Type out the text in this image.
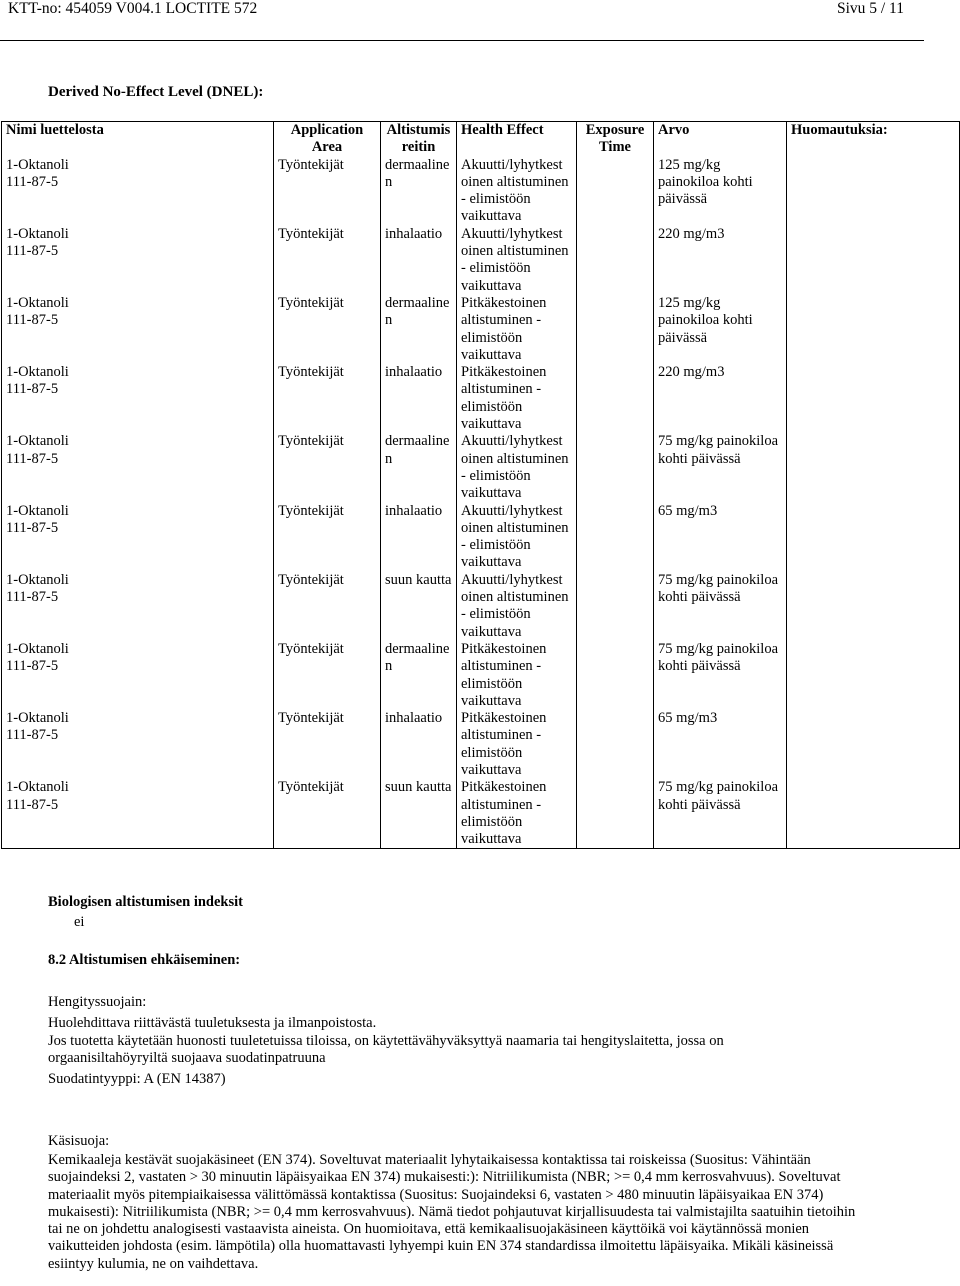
KTT-no: 454059 V004.1 LOCTITE 572	Sivu 5 / 11
Derived No-Effect Level (DNEL):
Nimi luettelosta	Application Area	Altistumis reitin	Health Effect	Exposure Time	Arvo	Huomautuksia:
1-Oktanoli 111-87-5	Työntekijät	dermaaline n	Akuutti/lyhytkest oinen altistuminen - elimistöön vaikuttava		125 mg/kg painokiloa kohti päivässä	
1-Oktanoli 111-87-5	Työntekijät	inhalaatio	Akuutti/lyhytkest oinen altistuminen - elimistöön vaikuttava		220 mg/m3	
1-Oktanoli 111-87-5	Työntekijät	dermaaline n	Pitkäkestoinen altistuminen - elimistöön vaikuttava		125 mg/kg painokiloa kohti päivässä	
1-Oktanoli 111-87-5	Työntekijät	inhalaatio	Pitkäkestoinen altistuminen - elimistöön vaikuttava		220 mg/m3	
1-Oktanoli 111-87-5	Työntekijät	dermaaline n	Akuutti/lyhytkest oinen altistuminen - elimistöön vaikuttava		75 mg/kg painokiloa kohti päivässä	
1-Oktanoli 111-87-5	Työntekijät	inhalaatio	Akuutti/lyhytkest oinen altistuminen - elimistöön vaikuttava		65 mg/m3	
1-Oktanoli 111-87-5	Työntekijät	suun kautta	Akuutti/lyhytkest oinen altistuminen - elimistöön vaikuttava		75 mg/kg painokiloa kohti päivässä	
1-Oktanoli 111-87-5	Työntekijät	dermaaline n	Pitkäkestoinen altistuminen - elimistöön vaikuttava		75 mg/kg painokiloa kohti päivässä	
1-Oktanoli 111-87-5	Työntekijät	inhalaatio	Pitkäkestoinen altistuminen - elimistöön vaikuttava		65 mg/m3	
1-Oktanoli 111-87-5	Työntekijät	suun kautta	Pitkäkestoinen altistuminen - elimistöön vaikuttava		75 mg/kg painokiloa kohti päivässä	
Biologisen altistumisen indeksit
ei
8.2 Altistumisen ehkäiseminen:
Hengityssuojain:
Huolehdittava riittävästä tuuletuksesta ja ilmanpoistosta.
Jos tuotetta käytetään huonosti tuuletetuissa tiloissa, on käytettävähyväksyttyä naamaria tai hengityslaitetta, jossa on orgaanisiltahöyryiltä suojaava suodatinpatruuna
Suodatintyyppi: A (EN 14387)
Käsisuoja:
Kemikaaleja kestävät suojakäsineet (EN 374). Soveltuvat materiaalit lyhytaikaisessa kontaktissa tai roiskeissa (Suositus: Vähintään suojaindeksi 2, vastaten > 30 minuutin läpäisyaikaa EN 374) mukaisesti:): Nitriilikumista (NBR; >= 0,4 mm kerrosvahvuus). Soveltuvat materiaalit myös pitempiaikaisessa välittömässä kontaktissa (Suositus: Suojaindeksi 6, vastaten > 480 minuutin läpäisyaikaa EN 374) mukaisesti): Nitriilikumista (NBR; >= 0,4 mm kerrosvahvuus). Nämä tiedot pohjautuvat kirjallisuudesta tai valmistajilta saatuihin tietoihin tai ne on johdettu analogisesti vastaavista aineista. On huomioitava, että kemikaalisuojakäsineen käyttöikä voi käytännössä monien vaikutteiden johdosta (esim. lämpötila) olla huomattavasti lyhyempi kuin EN 374 standardissa ilmoitettu läpäisyaika. Mikäli käsineissä esiintyy kulumia, ne on vaihdettava.
